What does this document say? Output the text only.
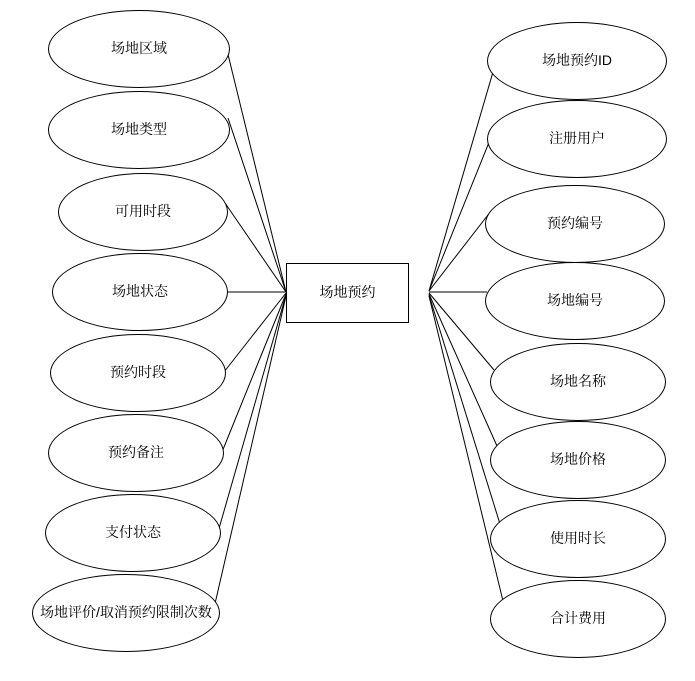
场地区域
场地类型
可用时段
场地状态
预约时段
预约备注
支付状态
场地评价/取消预约限制次数
场地预约ID
注册用户
预约编号
场地编号
场地名称
场地价格
使用时长
合计费用
场地预约
